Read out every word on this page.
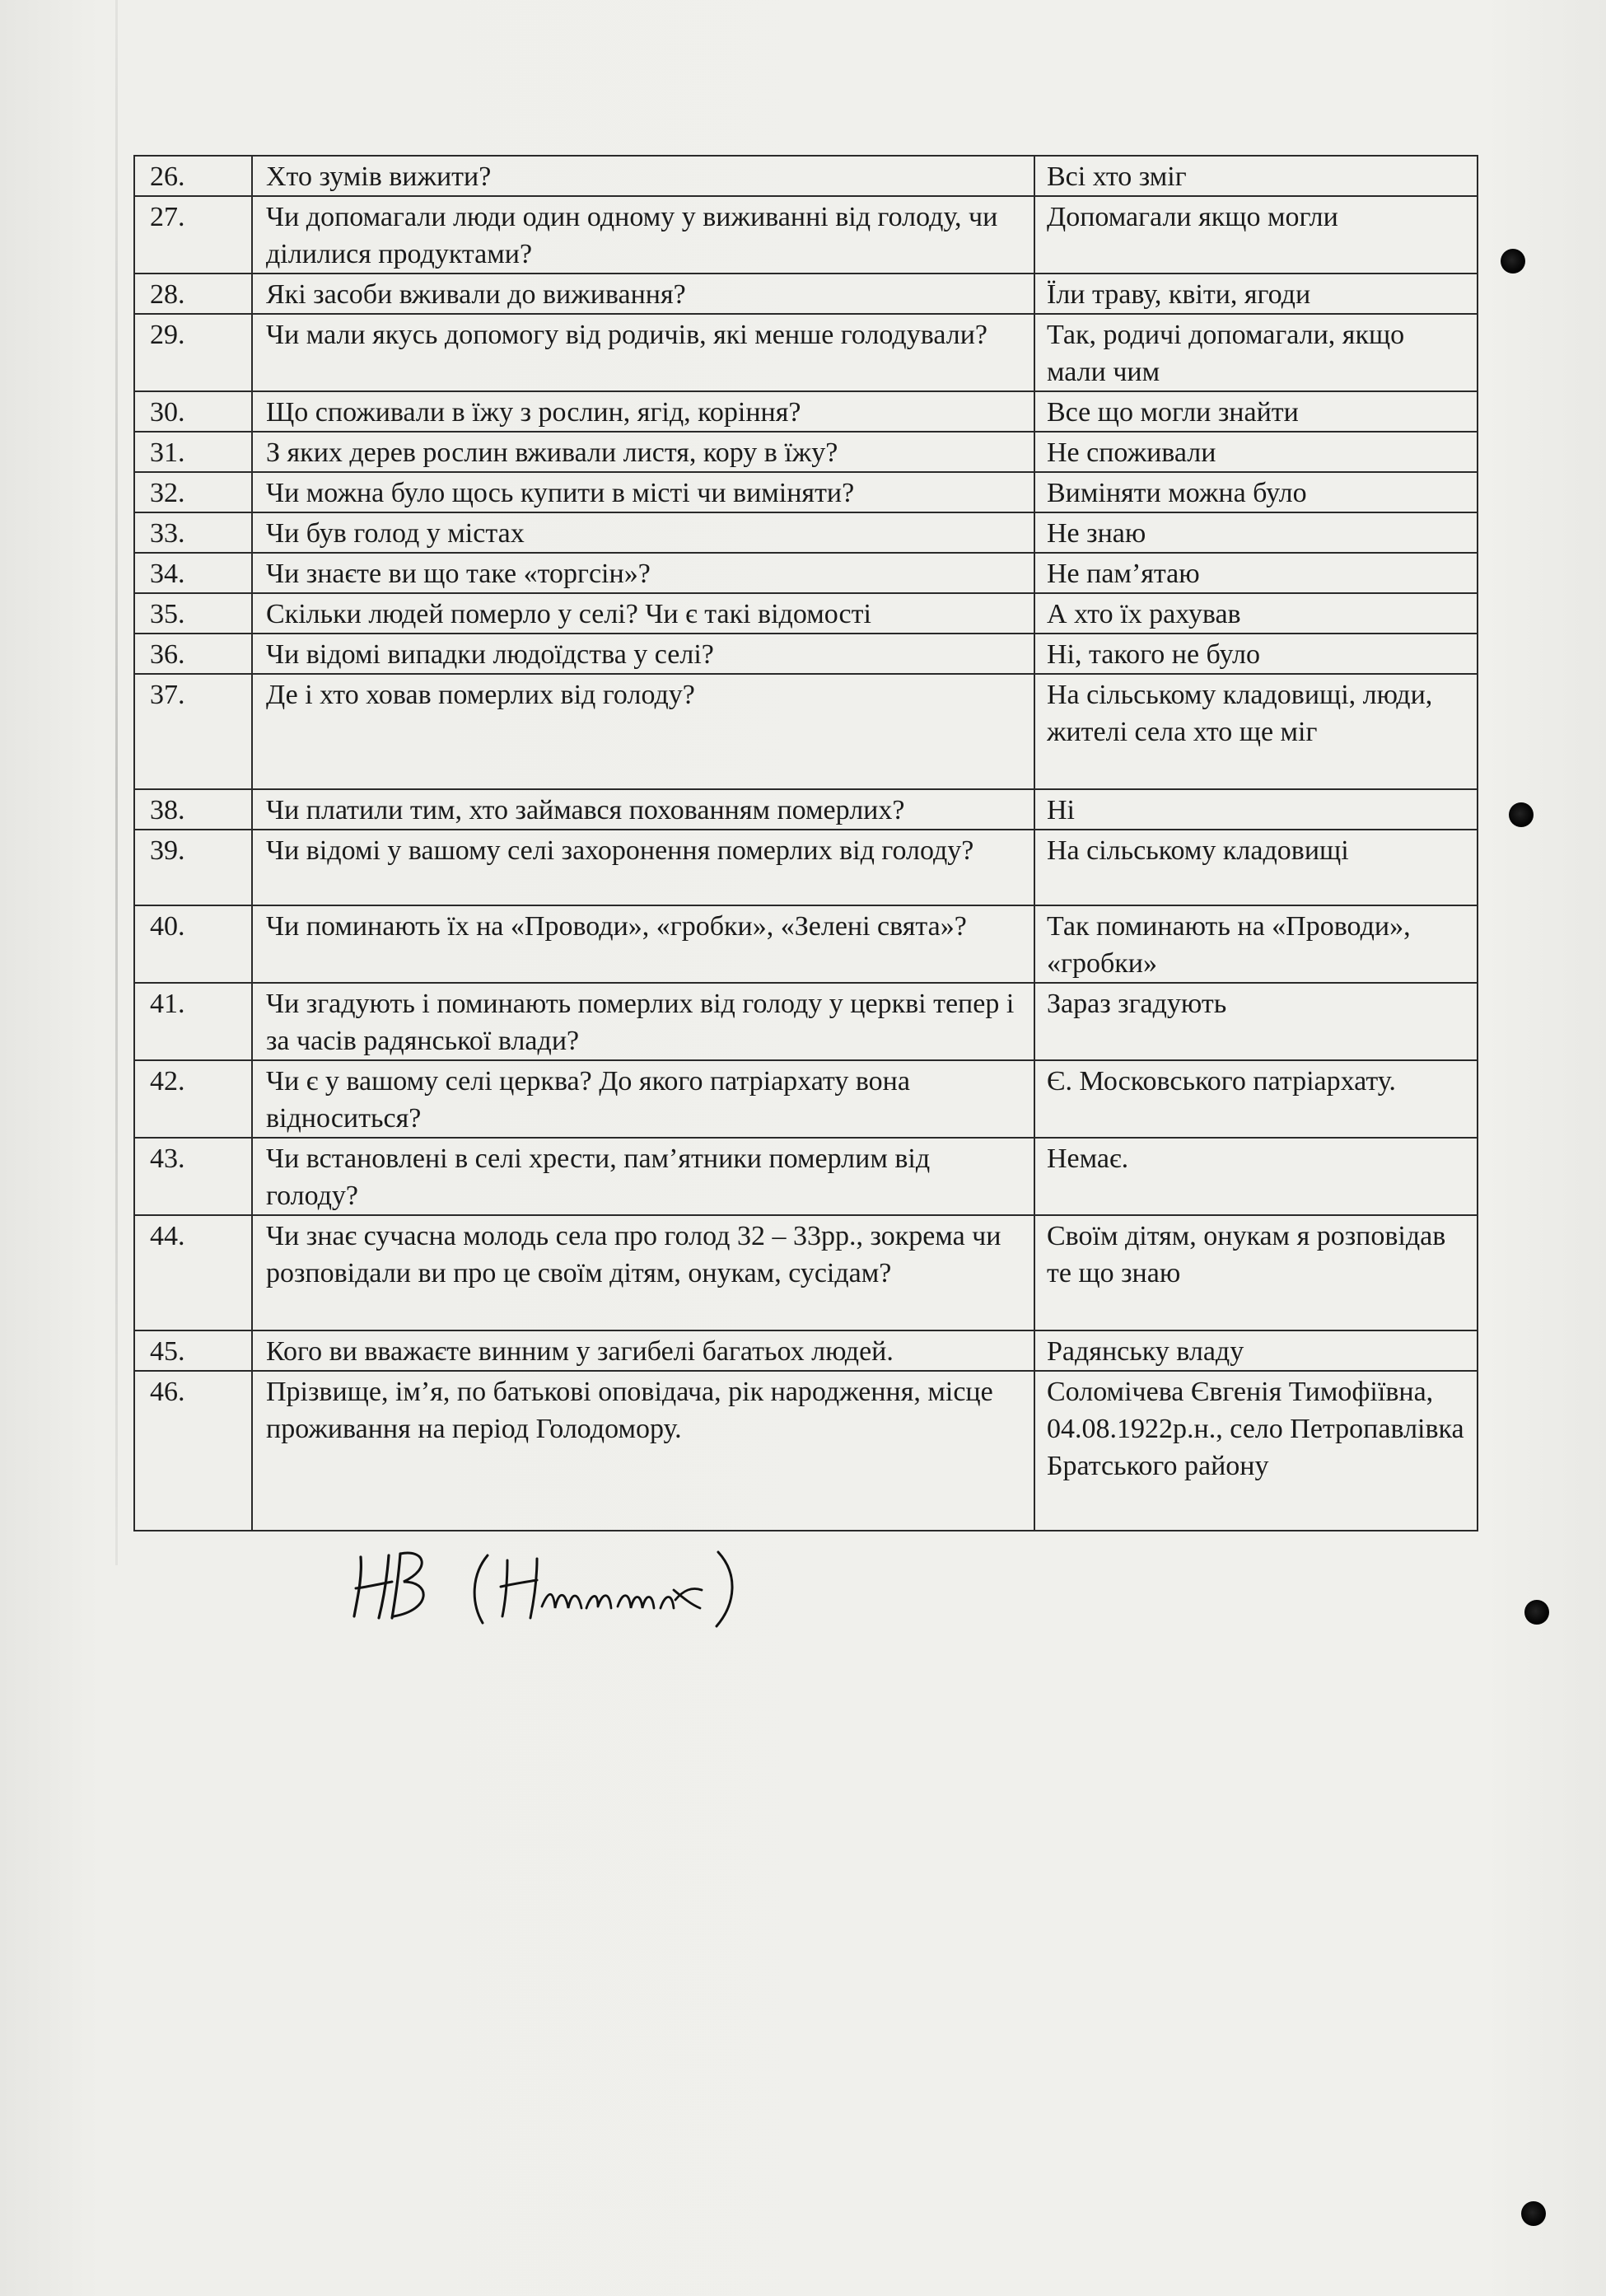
26.	Хто зумів вижити?	Всі хто зміг

27.	Чи допомагали люди один одному у виживанні від голоду, чи ділилися продуктами?	Допомагали якщо могли

28.	Які засоби вживали до виживання?	Їли траву, квіти, ягоди

29.	Чи мали якусь допомогу від родичів, які менше голодували?	Так, родичі допомагали, якщо мали чим

30.	Що споживали в їжу з рослин, ягід, коріння?	Все що могли знайти

31.	З яких дерев рослин вживали листя, кору в їжу?	Не споживали

32.	Чи можна було щось купити в місті чи виміняти?	Виміняти можна було

33.	Чи був голод у містах	Не знаю

34.	Чи знаєте ви що таке «торгсін»?	Не пам’ятаю

35.	Скільки людей померло у селі? Чи є такі відомості	А хто їх рахував

36.	Чи відомі випадки людоїдства у селі?	Ні, такого не було

37.	Де і хто ховав померлих від голоду?	На сільському кладовищі, люди, жителі села хто ще міг

38.	Чи платили тим, хто займався похованням померлих?	Ні

39.	Чи відомі у вашому селі захоронення померлих від голоду?	На сільському кладовищі

40.	Чи поминають їх на «Проводи», «гробки», «Зелені свята»?	Так поминають на «Проводи», «гробки»

41.	Чи згадують і поминають померлих від голоду у церкві тепер і за часів радянської влади?	Зараз згадують

42.	Чи є у вашому селі церква? До якого патріархату вона відноситься?	Є. Московського патріархату.

43.	Чи встановлені в селі хрести, пам’ятники померлим від голоду?	Немає.

44.	Чи знає сучасна молодь села про голод 32 – 33рр., зокрема чи розповідали ви про це своїм дітям, онукам, сусідам?	Своїм дітям, онукам я розповідав те що знаю

45.	Кого ви вважаєте винним у загибелі багатьох людей.	Радянську владу

46.	Прізвище, ім’я, по батькові оповідача, рік народження, місце проживання на період Голодомору.	Соломічева Євгенія Тимофіївна, 04.08.1922р.н., село Петропавлівка Братського району
